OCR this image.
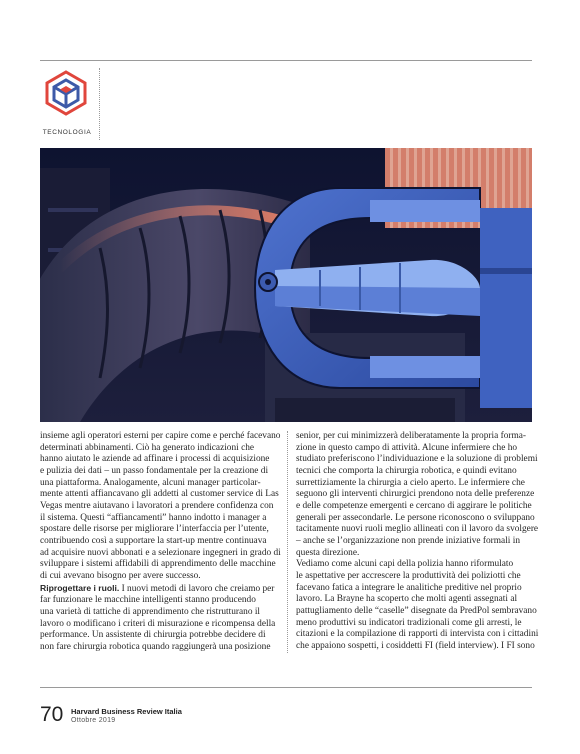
TECNOLOGIA
insieme agli operatori esterni per capire come e perché facevano
determinati abbinamenti. Ciò ha generato indicazioni che
hanno aiutato le aziende ad affinare i processi di acquisizione
e pulizia dei dati – un passo fondamentale per la creazione di
una piattaforma. Analogamente, alcuni manager particolar-
mente attenti affiancavano gli addetti al customer service di Las
Vegas mentre aiutavano i lavoratori a prendere confidenza con
il sistema. Questi “affiancamenti” hanno indotto i manager a
spostare delle risorse per migliorare l’interfaccia per l’utente,
contribuendo così a supportare la start-up mentre continuava
ad acquisire nuovi abbonati e a selezionare ingegneri in grado di
sviluppare i sistemi affidabili di apprendimento delle macchine
di cui avevano bisogno per avere successo.
Riprogettare i ruoli. I nuovi metodi di lavoro che creiamo per
far funzionare le macchine intelligenti stanno producendo
una varietà di tattiche di apprendimento che ristrutturano il
lavoro o modificano i criteri di misurazione e ricompensa della
performance. Un assistente di chirurgia potrebbe decidere di
non fare chirurgia robotica quando raggiungerà una posizione
senior, per cui minimizzerà deliberatamente la propria forma-
zione in questo campo di attività. Alcune infermiere che ho
studiato preferiscono l’individuazione e la soluzione di problemi
tecnici che comporta la chirurgia robotica, e quindi evitano
surrettiziamente la chirurgia a cielo aperto. Le infermiere che
seguono gli interventi chirurgici prendono nota delle preferenze
e delle competenze emergenti e cercano di aggirare le politiche
generali per assecondarle. Le persone riconoscono o sviluppano
tacitamente nuovi ruoli meglio allineati con il lavoro da svolgere
– anche se l’organizzazione non prende iniziative formali in
questa direzione.
Vediamo come alcuni capi della polizia hanno riformulato
le aspettative per accrescere la produttività dei poliziotti che
facevano fatica a integrare le analitiche preditive nel proprio
lavoro. La Brayne ha scoperto che molti agenti assegnati al
pattugliamento delle “caselle” disegnate da PredPol sembravano
meno produttivi su indicatori tradizionali come gli arresti, le
citazioni e la compilazione di rapporti di intervista con i cittadini
che appaiono sospetti, i cosiddetti FI (field interview). I FI sono
70 Harvard Business Review Italia
Ottobre 2019
